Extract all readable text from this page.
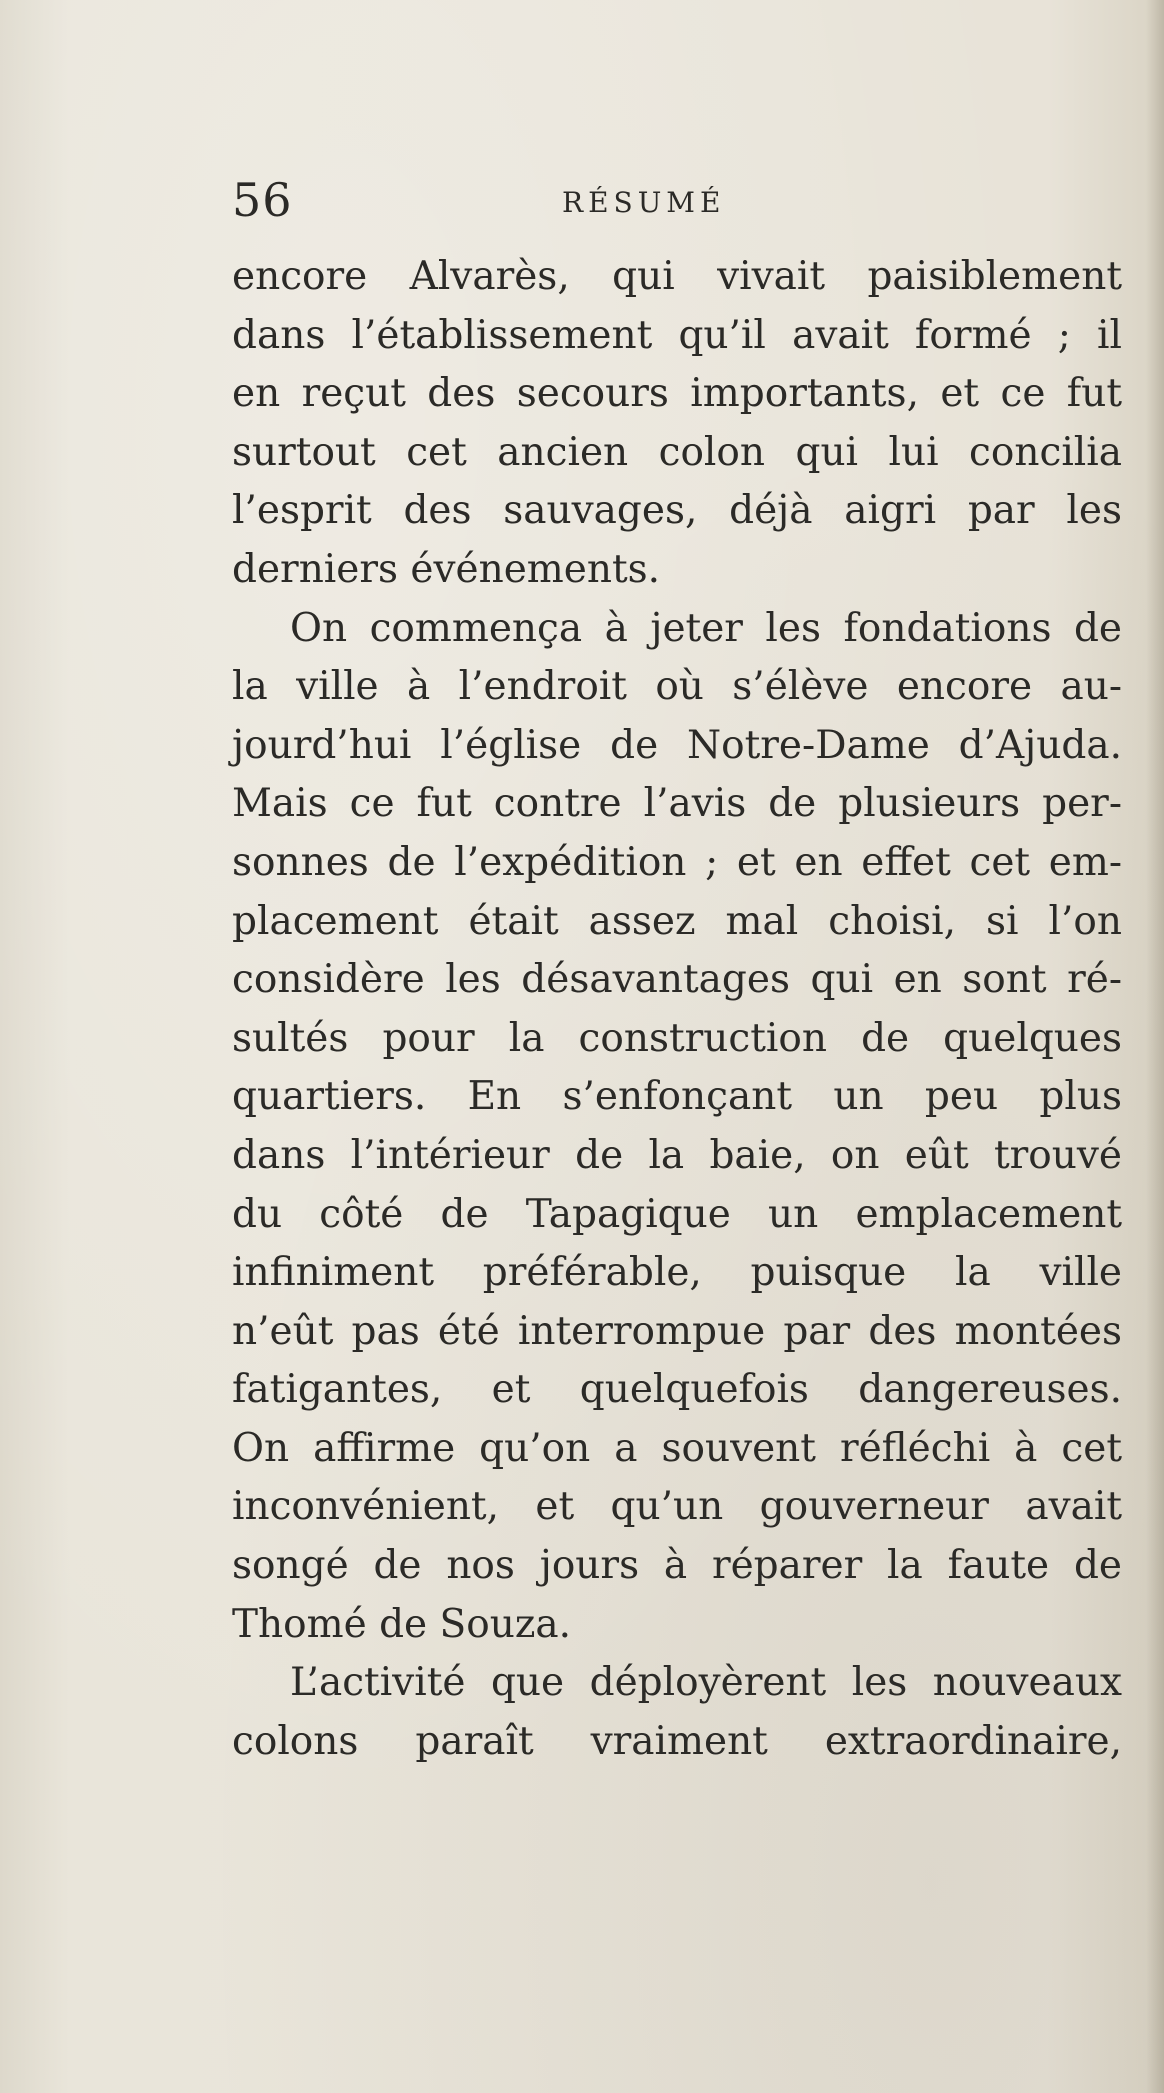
56	RÉSUMÉ
encore Alvarès, qui vivait paisiblement
dans l’établissement qu’il avait formé ; il
en reçut des secours importants, et ce fut
surtout cet ancien colon qui lui concilia
l’esprit des sauvages, déjà aigri par les
derniers événements.
On commença à jeter les fondations de
la ville à l’endroit où s’élève encore au-
jourd’hui l’église de Notre-Dame d’Ajuda.
Mais ce fut contre l’avis de plusieurs per-
sonnes de l’expédition ; et en effet cet em-
placement était assez mal choisi, si l’on
considère les désavantages qui en sont ré-
sultés pour la construction de quelques
quartiers. En s’enfonçant un peu plus
dans l’intérieur de la baie, on eût trouvé
du côté de Tapagique un emplacement
infiniment préférable, puisque la ville
n’eût pas été interrompue par des montées
fatigantes, et quelquefois dangereuses.
On affirme qu’on a souvent réfléchi à cet
inconvénient, et qu’un gouverneur avait
songé de nos jours à réparer la faute de
Thomé de Souza.
L’activité que déployèrent les nouveaux
colons paraît vraiment extraordinaire,
